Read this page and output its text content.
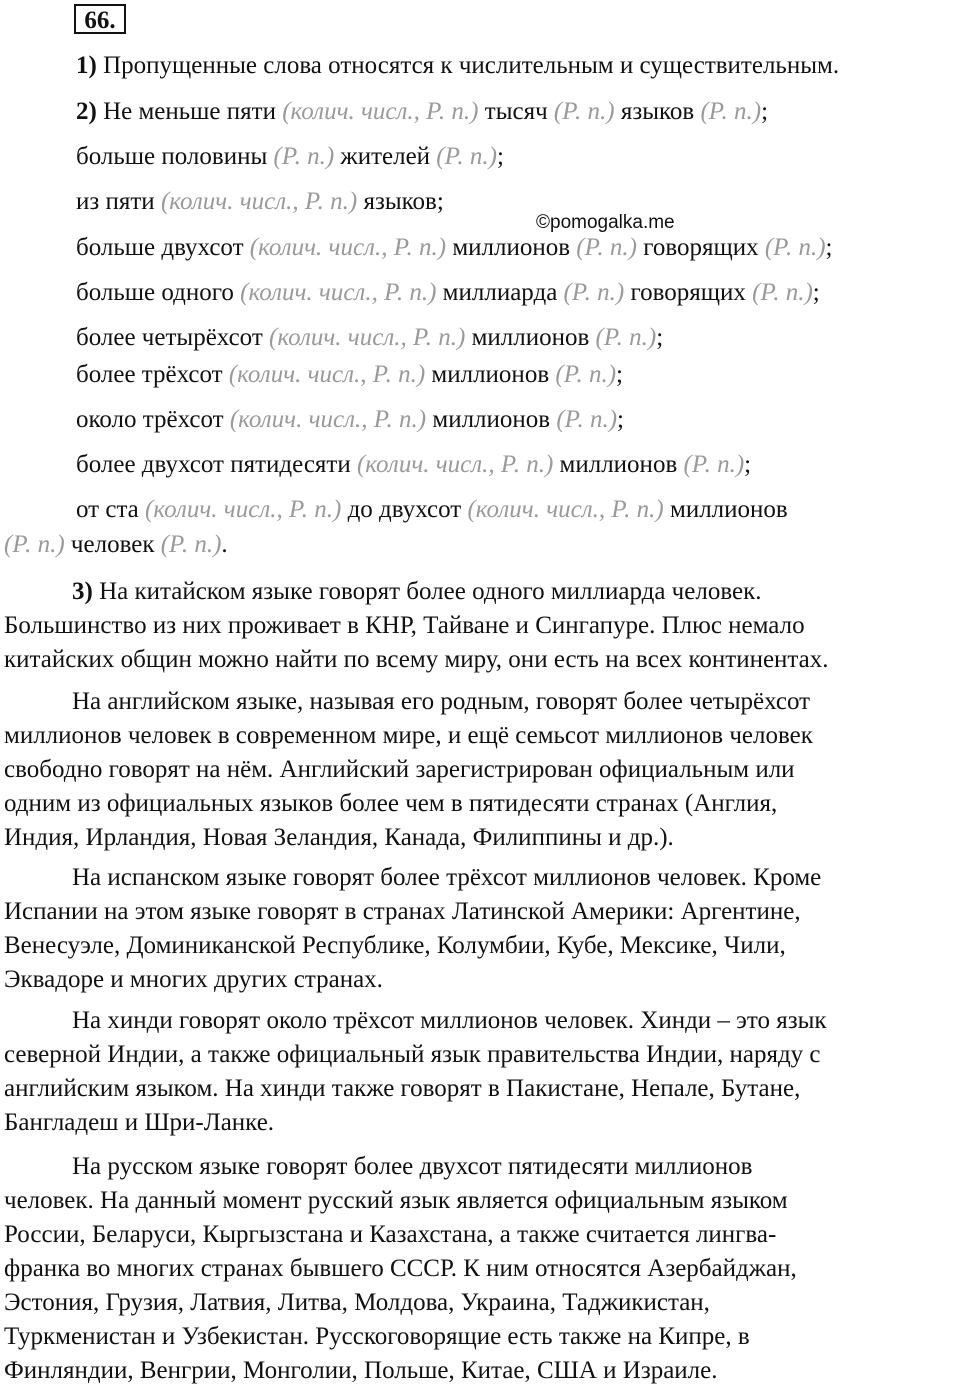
66.
1) Пропущенные слова относятся к числительным и существительным.
2) Не меньше пяти (колич. числ., Р. п.) тысяч (Р. п.) языков (Р. п.);
больше половины (Р. п.) жителей (Р. п.);
из пяти (колич. числ., Р. п.) языков;
больше двухсот (колич. числ., Р. п.) миллионов (Р. п.) говорящих (Р. п.);
больше одного (колич. числ., Р. п.) миллиарда (Р. п.) говорящих (Р. п.);
более четырёхсот (колич. числ., Р. п.) миллионов (Р. п.);
более трёхсот (колич. числ., Р. п.) миллионов (Р. п.);
около трёхсот (колич. числ., Р. п.) миллионов (Р. п.);
более двухсот пятидесяти (колич. числ., Р. п.) миллионов (Р. п.);
от ста (колич. числ., Р. п.) до двухсот (колич. числ., Р. п.) миллионов
(Р. п.) человек (Р. п.).
©pomogalka.me
3) На китайском языке говорят более одного миллиарда человек.
Большинство из них проживает в КНР, Тайване и Сингапуре. Плюс немало
китайских общин можно найти по всему миру, они есть на всех континентах.
На английском языке, называя его родным, говорят более четырёхсот
миллионов человек в современном мире, и ещё семьсот миллионов человек
свободно говорят на нём. Английский зарегистрирован официальным или
одним из официальных языков более чем в пятидесяти странах (Англия,
Индия, Ирландия, Новая Зеландия, Канада, Филиппины и др.).
На испанском языке говорят более трёхсот миллионов человек. Кроме
Испании на этом языке говорят в странах Латинской Америки: Аргентине,
Венесуэле, Доминиканской Республике, Колумбии, Кубе, Мексике, Чили,
Эквадоре и многих других странах.
На хинди говорят около трёхсот миллионов человек. Хинди – это язык
северной Индии, а также официальный язык правительства Индии, наряду с
английским языком. На хинди также говорят в Пакистане, Непале, Бутане,
Бангладеш и Шри-Ланке.
На русском языке говорят более двухсот пятидесяти миллионов
человек. На данный момент русский язык является официальным языком
России, Беларуси, Кыргызстана и Казахстана, а также считается лингва-
франка во многих странах бывшего СССР. К ним относятся Азербайджан,
Эстония, Грузия, Латвия, Литва, Молдова, Украина, Таджикистан,
Туркменистан и Узбекистан. Русскоговорящие есть также на Кипре, в
Финляндии, Венгрии, Монголии, Польше, Китае, США и Израиле.
